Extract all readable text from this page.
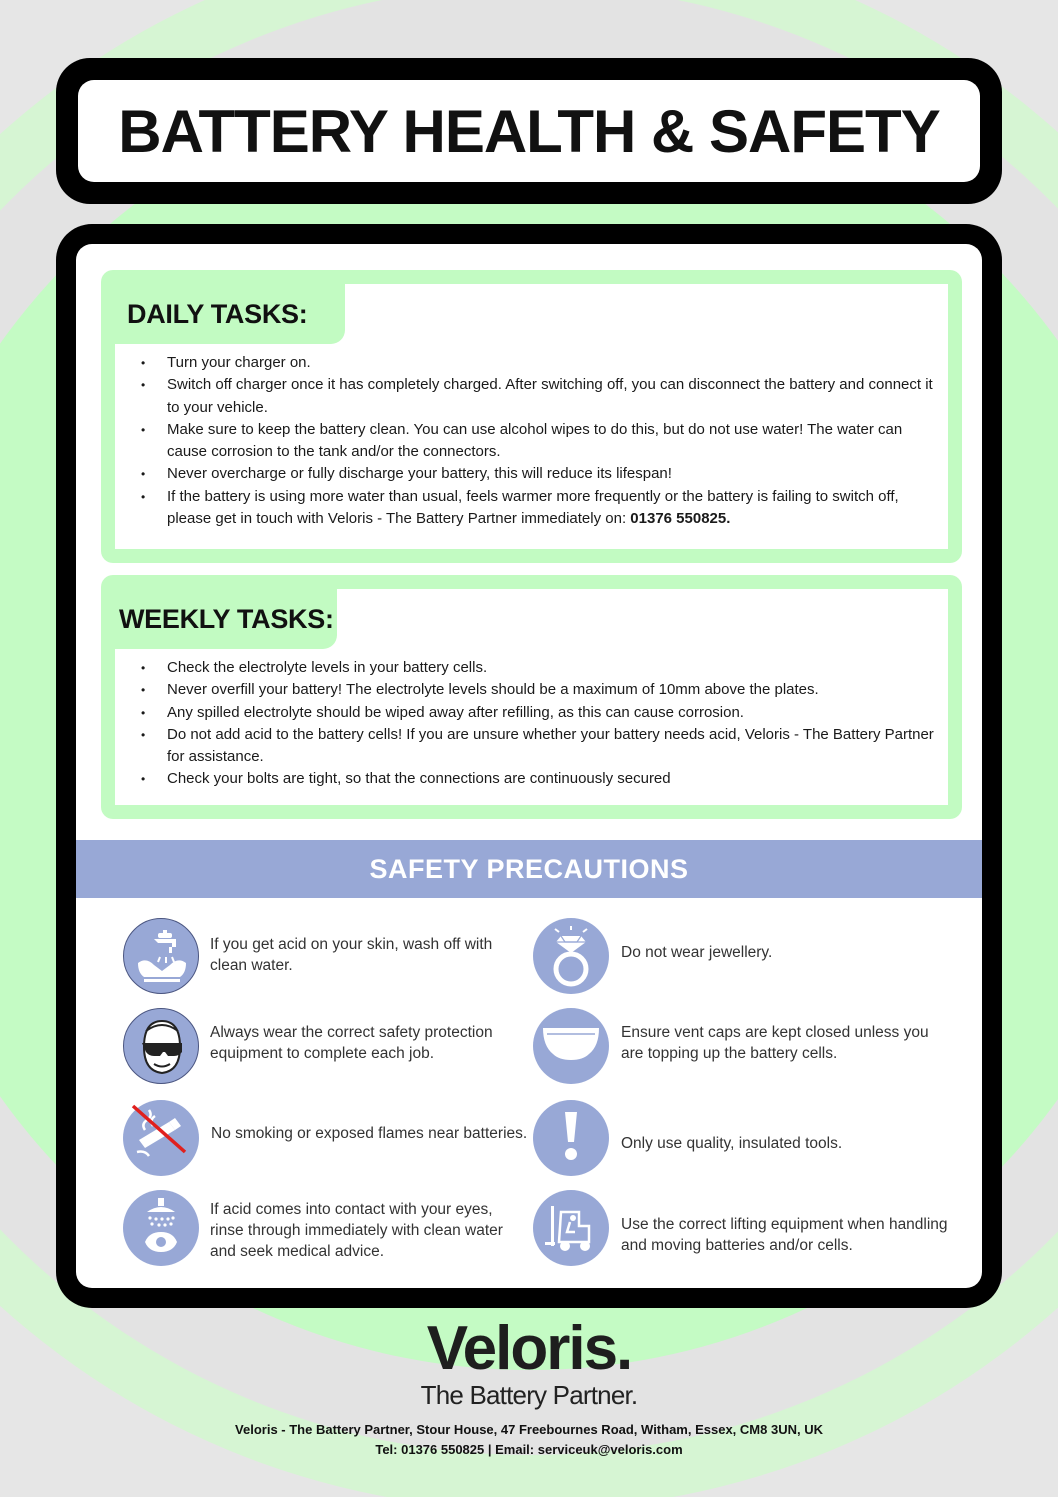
BATTERY HEALTH & SAFETY
DAILY TASKS:
• Turn your charger on.
• Switch off charger once it has completely charged. After switching off, you can disconnect the battery and connect it to your vehicle.
• Make sure to keep the battery clean. You can use alcohol wipes to do this, but do not use water! The water can cause corrosion to the tank and/or the connectors.
• Never overcharge or fully discharge your battery, this will reduce its lifespan!
• If the battery is using more water than usual, feels warmer more frequently or the battery is failing to switch off, please get in touch with Veloris - The Battery Partner immediately on: 01376 550825.
WEEKLY TASKS:
• Check the electrolyte levels in your battery cells.
• Never overfill your battery! The electrolyte levels should be a maximum of 10mm above the plates.
• Any spilled electrolyte should be wiped away after refilling, as this can cause corrosion.
• Do not add acid to the battery cells! If you are unsure whether your battery needs acid, Veloris - The Battery Partner for assistance.
• Check your bolts are tight, so that the connections are continuously secured
SAFETY PRECAUTIONS
If you get acid on your skin, wash off with clean water.
Do not wear jewellery.
Always wear the correct safety protection equipment to complete each job.
Ensure vent caps are kept closed unless you are topping up the battery cells.
No smoking or exposed flames near batteries.
Only use quality, insulated tools.
If acid comes into contact with your eyes, rinse through immediately with clean water and seek medical advice.
Use the correct lifting equipment when handling and moving batteries and/or cells.
Veloris.
The Battery Partner.
Veloris - The Battery Partner, Stour House, 47 Freebournes Road, Witham, Essex, CM8 3UN, UK
Tel: 01376 550825 | Email: serviceuk@veloris.com
